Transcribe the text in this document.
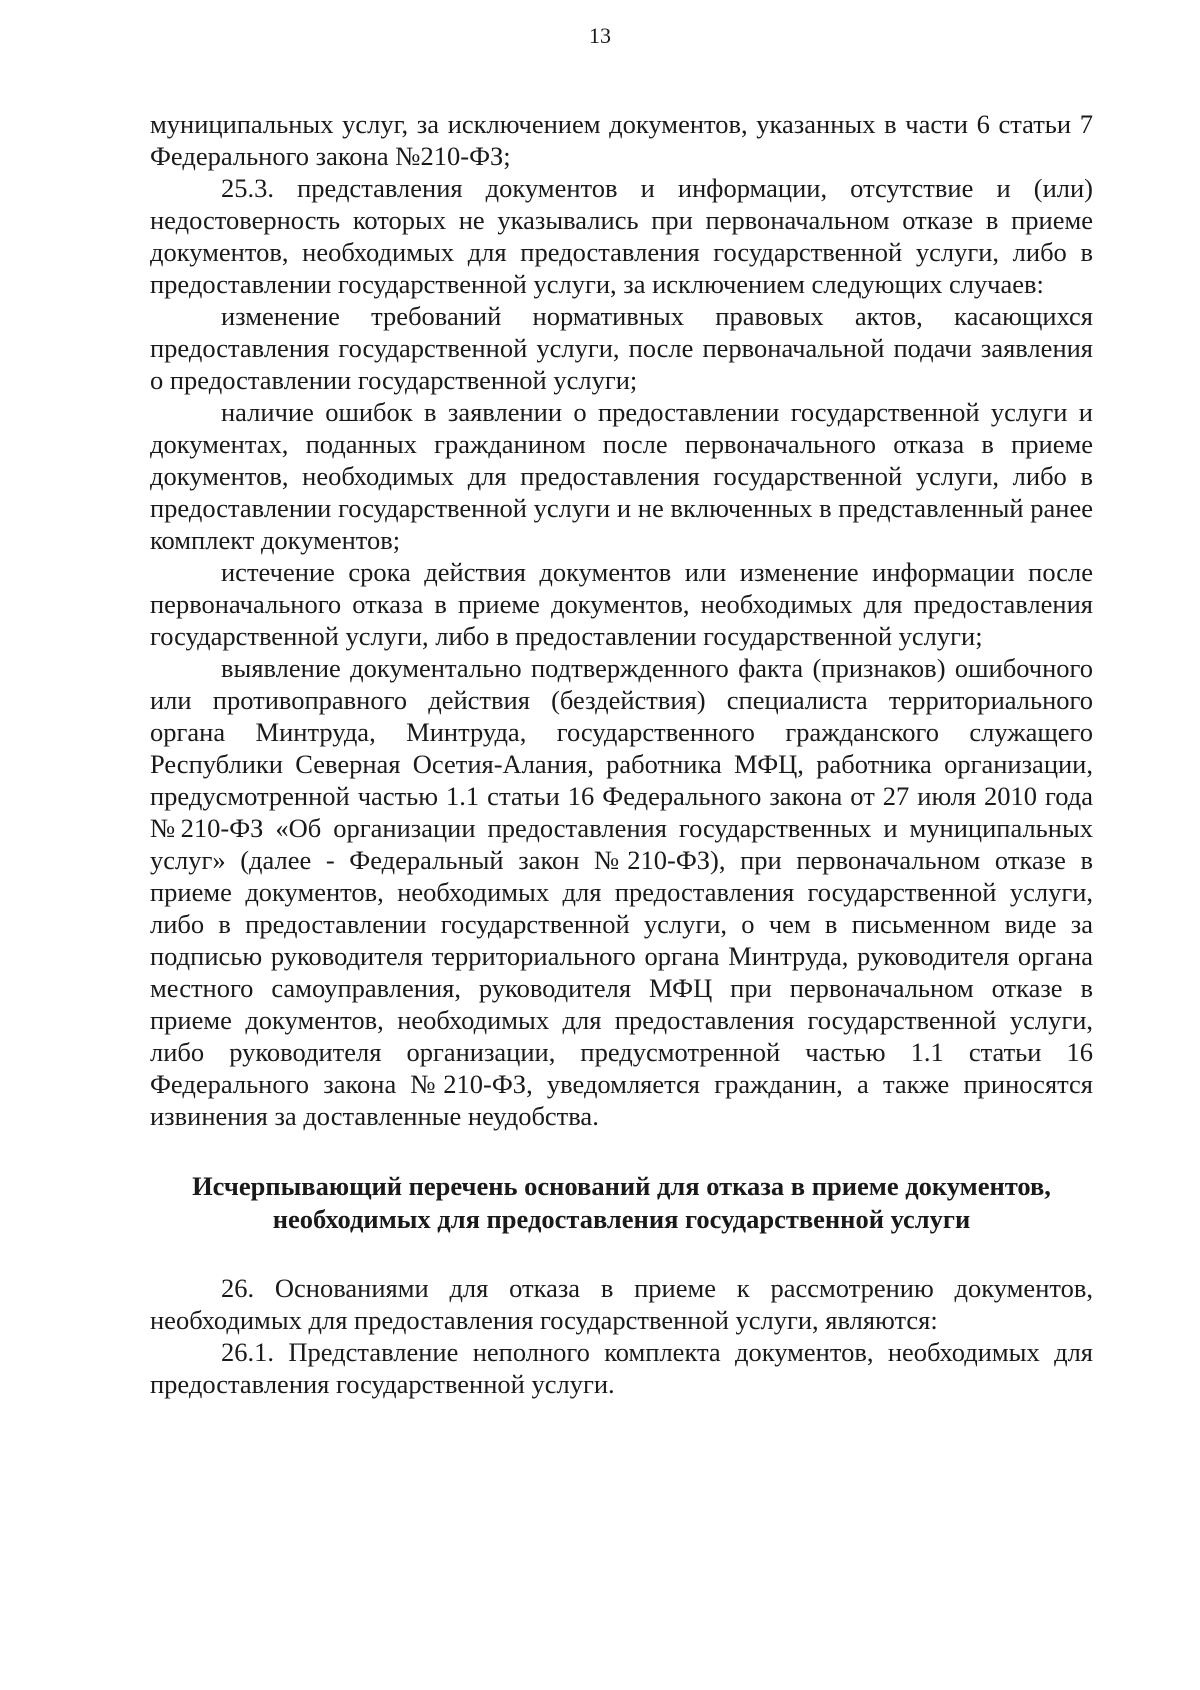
13

муниципальных услуг, за исключением документов, указанных в части 6 статьи 7 Федерального закона №210-ФЗ;

25.3. представления документов и информации, отсутствие и (или) недостоверность которых не указывались при первоначальном отказе в приеме документов, необходимых для предоставления государственной услуги, либо в предоставлении государственной услуги, за исключением следующих случаев:

изменение требований нормативных правовых актов, касающихся предоставления государственной услуги, после первоначальной подачи заявления о предоставлении государственной услуги;

наличие ошибок в заявлении о предоставлении государственной услуги и документах, поданных гражданином после первоначального отказа в приеме документов, необходимых для предоставления государственной услуги, либо в предоставлении государственной услуги и не включенных в представленный ранее комплект документов;

истечение срока действия документов или изменение информации после первоначального отказа в приеме документов, необходимых для предоставления государственной услуги, либо в предоставлении государственной услуги;

выявление документально подтвержденного факта (признаков) ошибочного или противоправного действия (бездействия) специалиста территориального органа Минтруда, Минтруда, государственного гражданского служащего Республики Северная Осетия-Алания, работника МФЦ, работника организации, предусмотренной частью 1.1 статьи 16 Федерального закона от 27 июля 2010 года №210-ФЗ «Об организации предоставления государственных и муниципальных услуг» (далее - Федеральный закон №210-ФЗ), при первоначальном отказе в приеме документов, необходимых для предоставления государственной услуги, либо в предоставлении государственной услуги, о чем в письменном виде за подписью руководителя территориального органа Минтруда, руководителя органа местного самоуправления, руководителя МФЦ при первоначальном отказе в приеме документов, необходимых для предоставления государственной услуги, либо руководителя организации, предусмотренной частью 1.1 статьи 16 Федерального закона №210-ФЗ, уведомляется гражданин, а также приносятся извинения за доставленные неудобства.

Исчерпывающий перечень оснований для отказа в приеме документов,
необходимых для предоставления государственной услуги

26. Основаниями для отказа в приеме к рассмотрению документов, необходимых для предоставления государственной услуги, являются:

26.1. Представление неполного комплекта документов, необходимых для предоставления государственной услуги.
